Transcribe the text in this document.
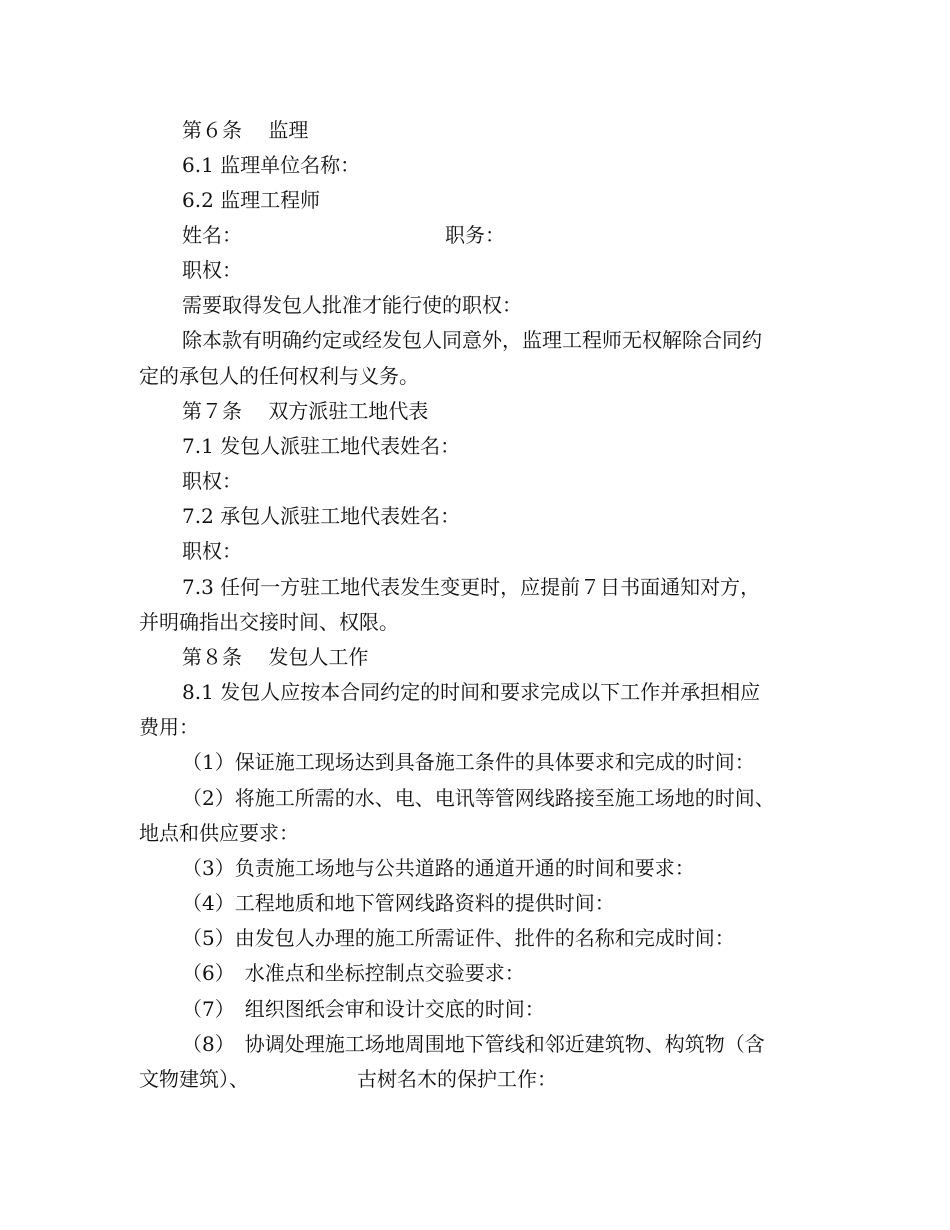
第６条　 监理
6.1 监理单位名称：
6.2 监理工程师
姓名：	职务：
职权：
需要取得发包人批准才能行使的职权：
除本款有明确约定或经发包人同意外，监理工程师无权解除合同约
定的承包人的任何权利与义务。
第７条　 双方派驻工地代表
7.1 发包人派驻工地代表姓名：
职权：
7.2 承包人派驻工地代表姓名：
职权：
7.3 任何一方驻工地代表发生变更时，应提前７日书面通知对方，
并明确指出交接时间、权限。
第８条　 发包人工作
8.1 发包人应按本合同约定的时间和要求完成以下工作并承担相应
费用：
（1）保证施工现场达到具备施工条件的具体要求和完成的时间：
（2）将施工所需的水、电、电讯等管网线路接至施工场地的时间、
地点和供应要求：
（3）负责施工场地与公共道路的通道开通的时间和要求：
（4）工程地质和地下管网线路资料的提供时间：
（5）由发包人办理的施工所需证件、批件的名称和完成时间：
（6）　水准点和坐标控制点交验要求：
（7）　组织图纸会审和设计交底的时间：
（8）　协调处理施工场地周围地下管线和邻近建筑物、构筑物（含
文物建筑）、	古树名木的保护工作：
